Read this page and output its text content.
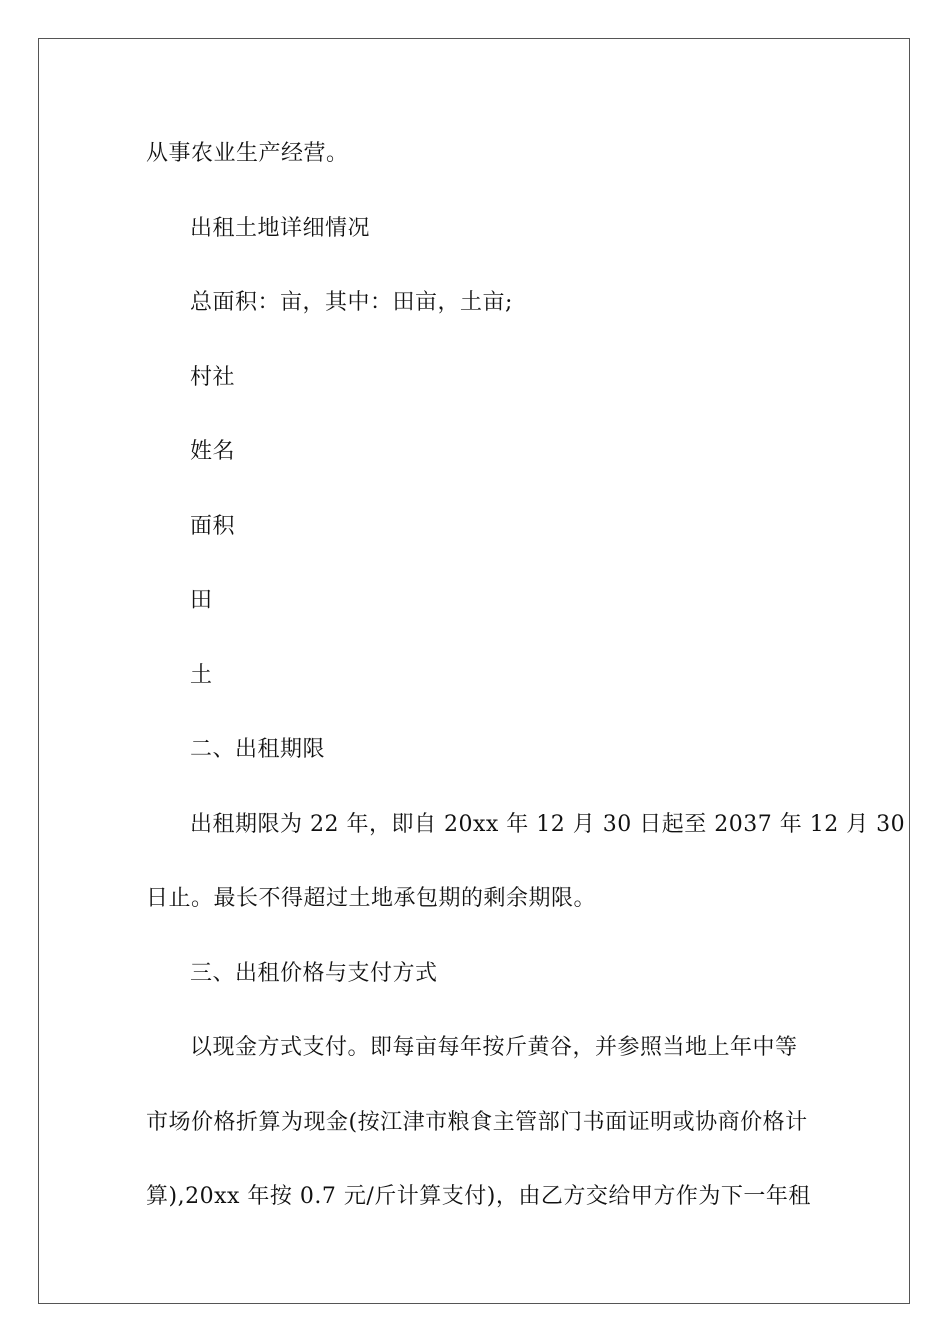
从事农业生产经营。
出租土地详细情况
总面积：亩，其中：田亩，土亩;
村社
姓名
面积
田
土
二、出租期限
出租期限为 22 年，即自 20xx 年 12 月 30 日起至 2037 年 12 月 30
日止。最长不得超过土地承包期的剩余期限。
三、出租价格与支付方式
以现金方式支付。即每亩每年按斤黄谷，并参照当地上年中等
市场价格折算为现金(按江津市粮食主管部门书面证明或协商价格计
算),20xx 年按 0.7 元/斤计算支付)，由乙方交给甲方作为下一年租
